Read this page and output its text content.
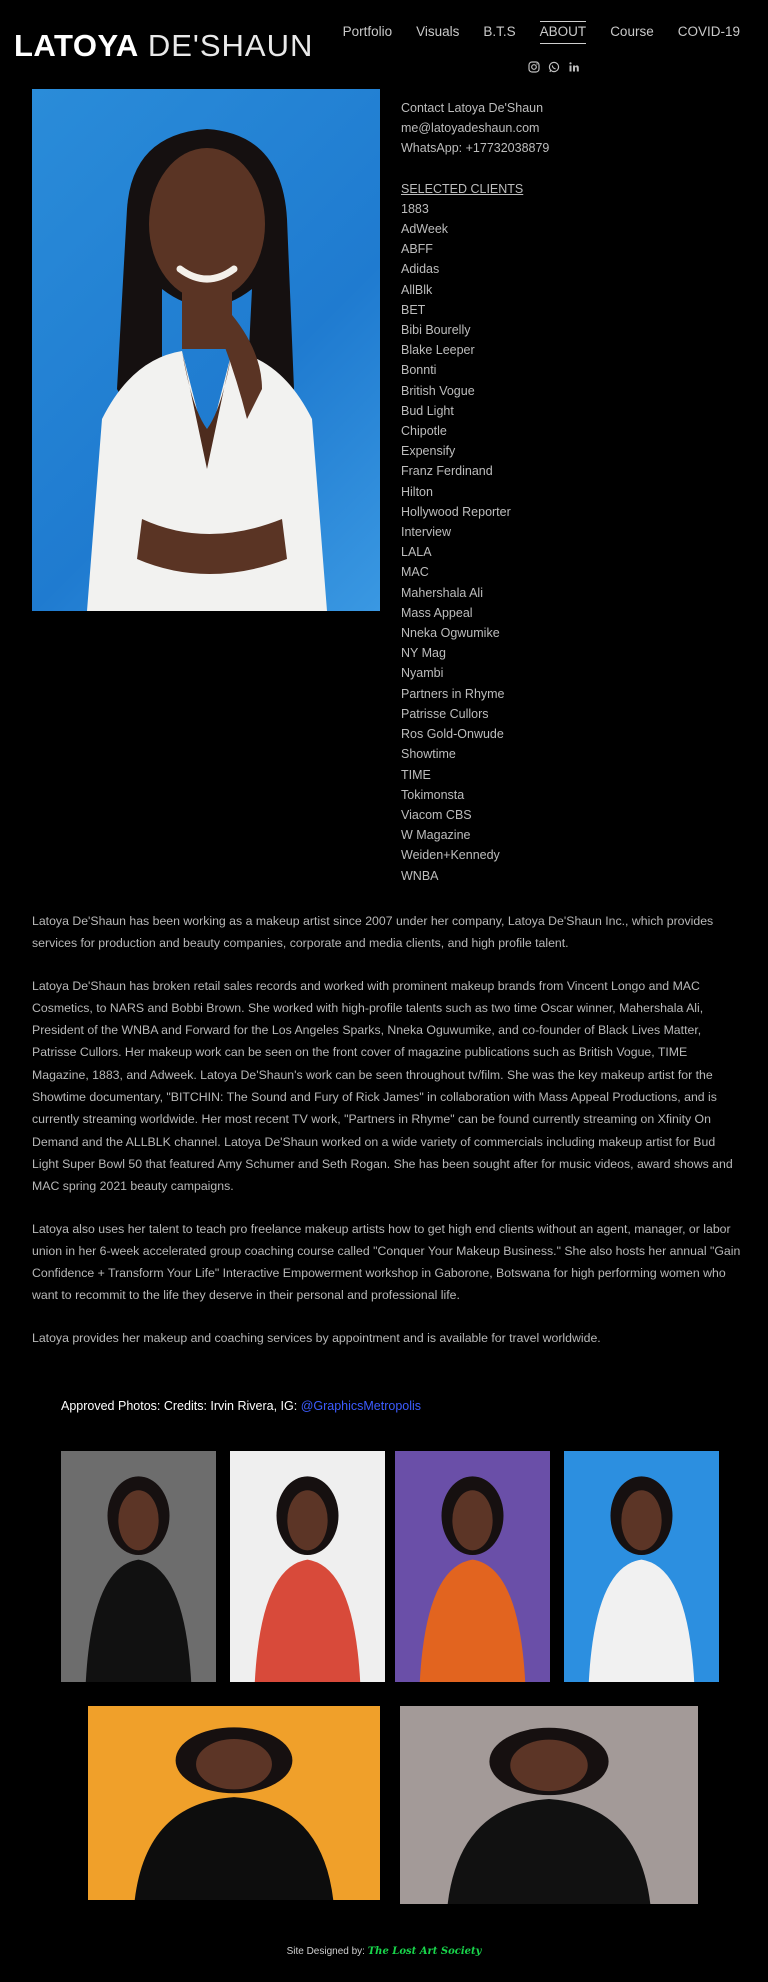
LATOYA DE'SHAUN Portfolio Visuals B.T.S ABOUT Course COVID-19
Contact Latoya De'Shaun
me@latoyadeshaun.com
WhatsApp: +17732038879
SELECTED CLIENTS
1883
AdWeek
ABFF
Adidas
AllBlk
BET
Bibi Bourelly
Blake Leeper
Bonnti
British Vogue
Bud Light
Chipotle
Expensify
Franz Ferdinand
Hilton
Hollywood Reporter
Interview
LALA
MAC
Mahershala Ali
Mass Appeal
Nneka Ogwumike
NY Mag
Nyambi
Partners in Rhyme
Patrisse Cullors
Ros Gold-Onwude
Showtime
TIME
Tokimonsta
Viacom CBS
W Magazine
Weiden+Kennedy
WNBA

Latoya De'Shaun has been working as a makeup artist since 2007 under her company, Latoya De'Shaun Inc., which provides services for production and beauty companies, corporate and media clients, and high profile talent.

Latoya De'Shaun has broken retail sales records and worked with prominent makeup brands from Vincent Longo and MAC Cosmetics, to NARS and Bobbi Brown. She worked with high-profile talents such as two time Oscar winner, Mahershala Ali, President of the WNBA and Forward for the Los Angeles Sparks, Nneka Oguwumike, and co-founder of Black Lives Matter, Patrisse Cullors. Her makeup work can be seen on the front cover of magazine publications such as British Vogue, TIME Magazine, 1883, and Adweek. Latoya De'Shaun's work can be seen throughout tv/film. She was the key makeup artist for the Showtime documentary, "BITCHIN: The Sound and Fury of Rick James" in collaboration with Mass Appeal Productions, and is currently streaming worldwide. Her most recent TV work, "Partners in Rhyme" can be found currently streaming on Xfinity On Demand and the ALLBLK channel. Latoya De'Shaun worked on a wide variety of commercials including makeup artist for Bud Light Super Bowl 50 that featured Amy Schumer and Seth Rogan. She has been sought after for music videos, award shows and MAC spring 2021 beauty campaigns.

Latoya also uses her talent to teach pro freelance makeup artists how to get high end clients without an agent, manager, or labor union in her 6-week accelerated group coaching course called "Conquer Your Makeup Business." She also hosts her annual "Gain Confidence + Transform Your Life" Interactive Empowerment workshop in Gaborone, Botswana for high performing women who want to recommit to the life they deserve in their personal and professional life.

Latoya provides her makeup and coaching services by appointment and is available for travel worldwide.

Approved Photos: Credits: Irvin Rivera, IG: @GraphicsMetropolis
Site Designed by: The Lost Art Society
